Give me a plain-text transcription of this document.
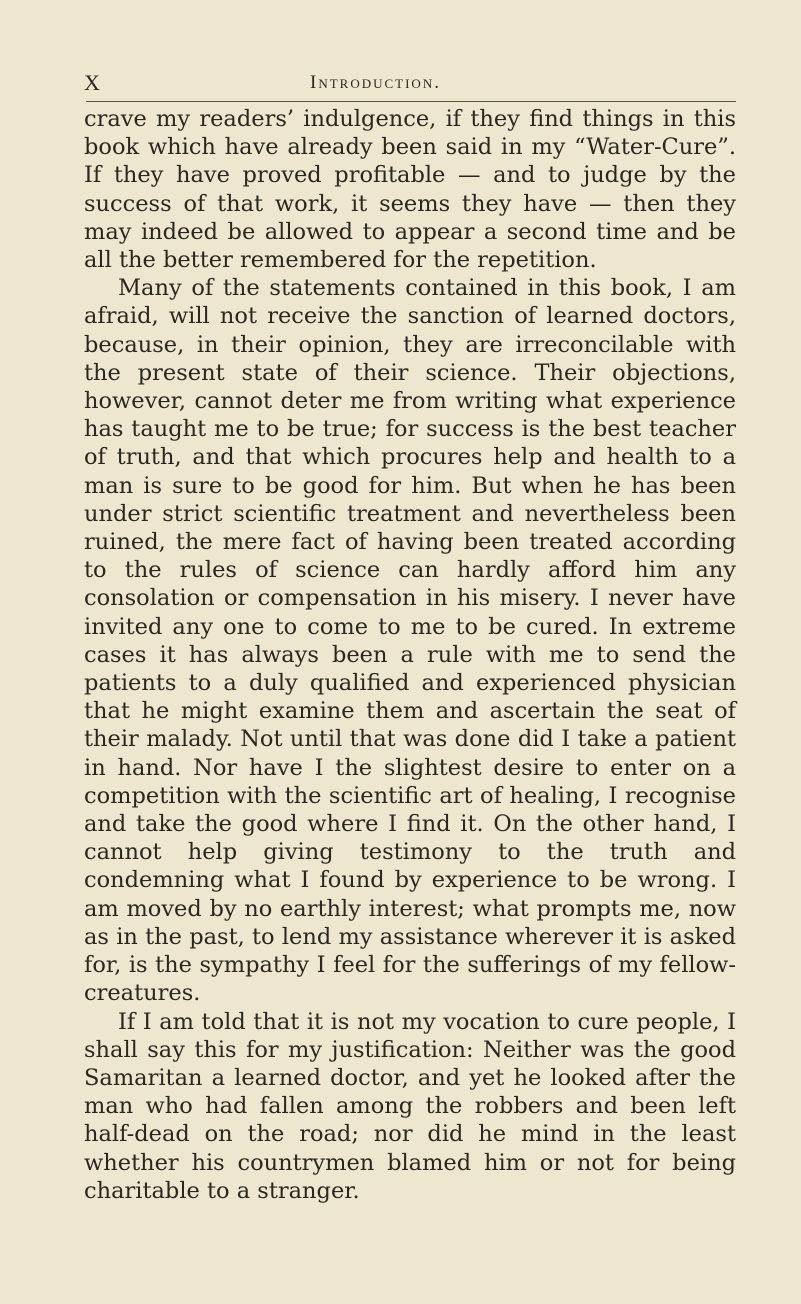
X	Introduction.

crave my readers’ indulgence, if they find things in this book which have already been said in my “Water-Cure”. If they have proved profitable — and to judge by the success of that work, it seems they have — then they may indeed be allowed to appear a second time and be all the better remembered for the repetition.

Many of the statements contained in this book, I am afraid, will not receive the sanction of learned doctors, because, in their opinion, they are irreconcilable with the present state of their science. Their objections, however, cannot deter me from writing what experience has taught me to be true; for success is the best teacher of truth, and that which procures help and health to a man is sure to be good for him. But when he has been under strict scientific treatment and nevertheless been ruined, the mere fact of having been treated according to the rules of science can hardly afford him any consolation or compensation in his misery. I never have invited any one to come to me to be cured. In extreme cases it has always been a rule with me to send the patients to a duly qualified and experienced physician that he might examine them and ascertain the seat of their malady. Not until that was done did I take a patient in hand. Nor have I the slightest desire to enter on a competition with the scientific art of healing, I recognise and take the good where I find it. On the other hand, I cannot help giving testimony to the truth and condemning what I found by experience to be wrong. I am moved by no earthly interest; what prompts me, now as in the past, to lend my assistance wherever it is asked for, is the sympathy I feel for the sufferings of my fellow-creatures.

If I am told that it is not my vocation to cure people, I shall say this for my justification: Neither was the good Samaritan a learned doctor, and yet he looked after the man who had fallen among the robbers and been left half-dead on the road; nor did he mind in the least whether his countrymen blamed him or not for being charitable to a stranger.
